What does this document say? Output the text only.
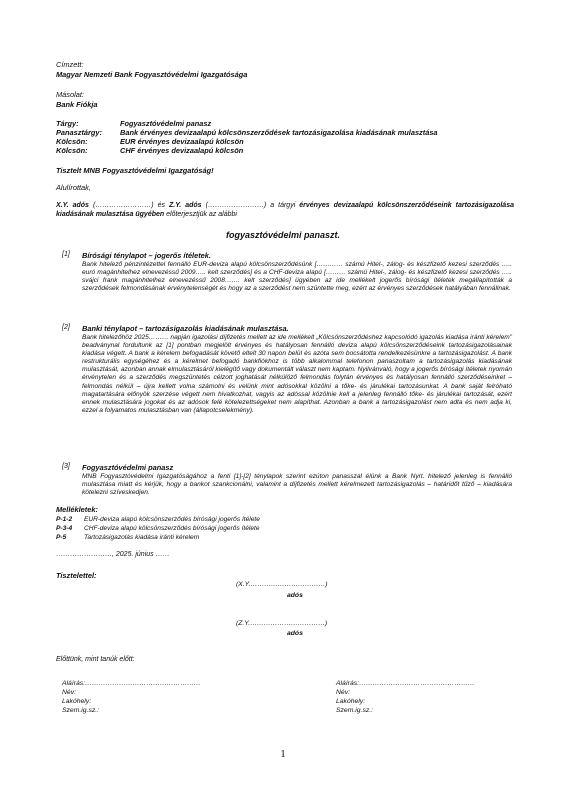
Címzett:
Magyar Nemzeti Bank Fogyasztóvédelmi Igazgatósága
Másolat:
Bank Fiókja
Tárgy:	Fogyasztóvédelmi panasz
Panasztárgy: Bank érvényes devizaalapú kölcsönszerződések tartozásigazolása kiadásának mulasztása
Kölcsön:	EUR érvényes devizaalapú kölcsön
Kölcsön:	CHF érvényes devizaalapú kölcsön
Tisztelt MNB Fogyasztóvédelmi Igazgatóság!
Alulírottak,
X.Y. adós (……………………) és Z.Y. adós (……………………) a tárgyi érvényes devizaalapú kölcsönszerződéseink tartozásigazolása kiadásának mulasztása ügyében előterjesztjük az alábbi
fogyasztóvédelmi panaszt.
[1] Bírósági ténylapot – jogerős ítéletek.
Bank hitelező pénzintézettel fennálló EUR-deviza alapú kölcsönszerződésünk [………… számú Hitel-, zálog- és készfizető kezesi szerződés ….. euró magánhitelhez elnevezéssű 2009….. kelt szerződés] és a CHF-deviza alapú [……… számú Hitel-, zálog- és készfizető kezesi szerződés ….. svájci frank magánhitelhez elnevezéssű 2008……. kelt szerződés] ügyében az ide mellékelt jogerős bírósági ítéletek megállapították a szerződések felmondásának érvénytelenségét és hogy az a szerződést nem szüntette meg, ezért az érvényes szerződések hatályában fennállnak.
[2] Banki ténylapot – tartozásigazolás kiadásának mulasztása.
Bank hitelezőhöz 2025……… napján igazolási díjfizetés mellett az ide mellékelt „Kölcsönszerződéshez kapcsolódó igazolás kiadása iránti kérelem” beadványnal fordultunk az [1] pontban megjelölt érvényes és hatályosan fennálló deviza alapú kölcsönszerződéseink tartozásigazolásainak kiadása végett. A bank a kérelem befogadását követő eltelt 30 napon belül és azóta sem bocsátotta rendelkezésünkre a tartozásigazolást. A bank restrukturális egységéhez és a kérelmet befogadó bankfiókhoz is több alkalommal telefonon panaszoltam a tartozásigazolás kiadásának mulasztását, azonban annak elmulasztásáról kielégítő vagy dokumentált választ nem kaptam. Nyilvánvaló, hogy a jogerős bírósági ítéletek nyomán érvénytelen és a szerződés megszüntetés célzott joghatását nélkülöző felmondás folytán érvényes és hatályosan fennálló szerződéseinket – felmondás nélkül – újra kellett volna számolni és velünk mint adósokkal közölni a tőke- és járulékai tartozásunkat. A bank saját felróható magatartására előnyök szerzése végett nem hivatkozhat, vagyis az adóssal közölnie kell a jelenleg fennálló tőke- és járulékai tartozását, ezért ennek mulasztására jogokat és az adósok felé kötelezettségeket nem alapíthat. Azonban a bank a tartozásigazolást nem adta és nem adja ki, ezzel a folyamatos mulasztásban van (állapotcselekmény).
[3] Fogyasztóvédelmi panasz
MNB Fogyasztóvédelmi Igazgatóságához a fenti [1]-[2] ténylapok szerint ezúton panasszal élünk a Bank Nyrt. hitelező jelenleg is fennálló mulasztása miatt és kérjük, hogy a bankot szankcionálni, valamint a díjfizetés mellett kérelmezett tartozásigazolás – határidőt tűző – kiadására kötelezni szíveskedjen.
Mellékletek:
P-1-2 EUR-deviza alapú kölcsönszerződés bírósági jogerős ítélete
P-3-4 CHF-deviza alapú kölcsönszerződés bírósági jogerős ítélete
P-5	Tartozásigazolás kiadása iránti kérelem
……………………, 2025. június ……
Tisztelettel:
(X.Y.……………………………)
adós
(Z.Y.……………………………)
adós
Előttünk, mint tanúk előtt:
Aláírás:……………………………………………
Név:
Lakóhely:
Szem.ig.sz.:
Aláírás:……………………………………………
Név:
Lakóhely:
Szem.ig.sz.:
1
